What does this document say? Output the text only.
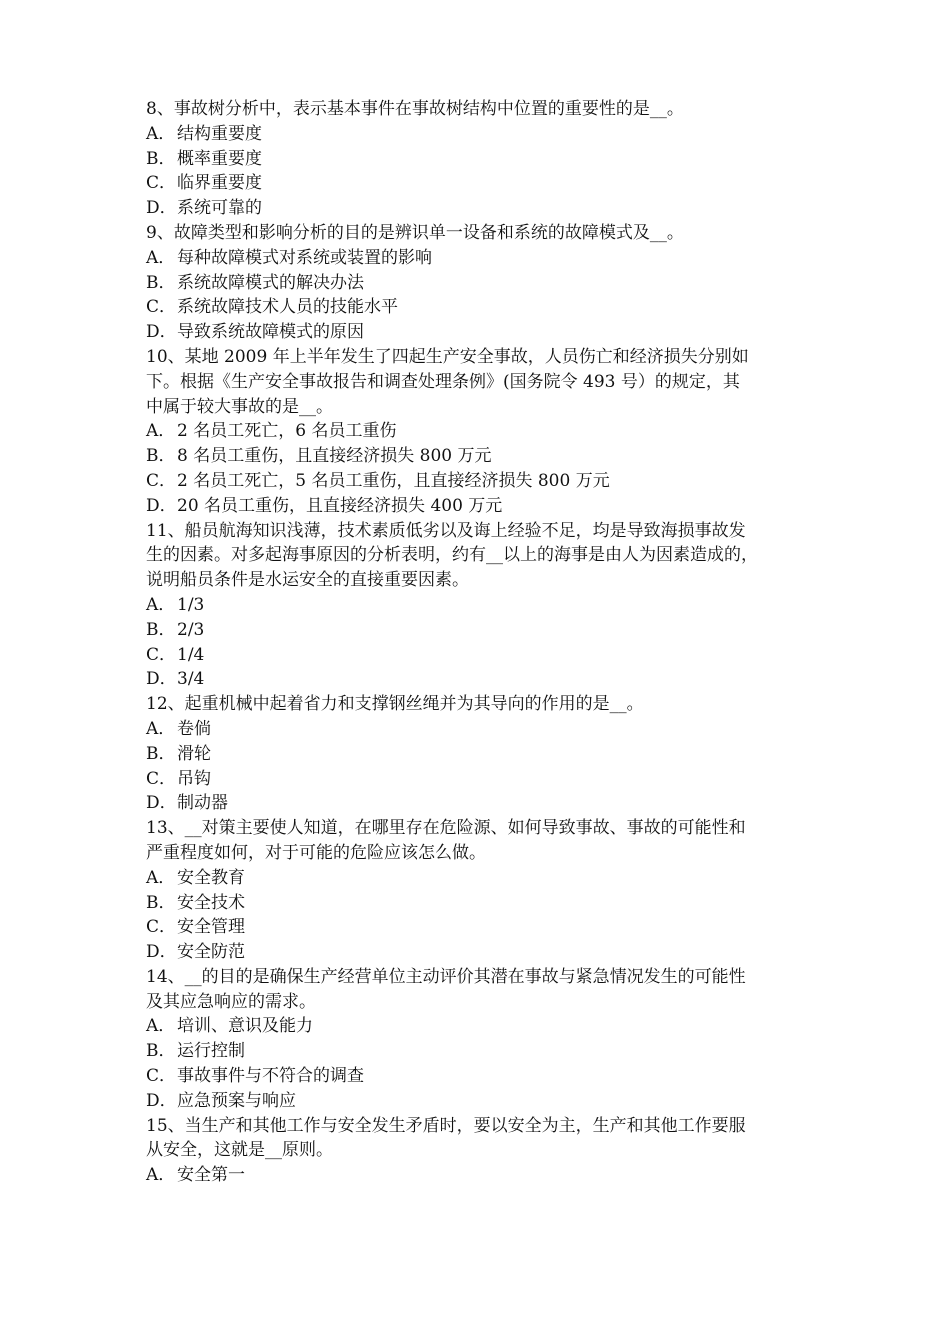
8、事故树分析中，表示基本事件在事故树结构中位置的重要性的是__。
A． 结构重要度
B．概率重要度
C．临界重要度
D．系统可靠的
9、故障类型和影响分析的目的是辨识单一设备和系统的故障模式及__。
A． 每种故障模式对系统或装置的影响
B．系统故障模式的解决办法
C．系统故障技术人员的技能水平
D．导致系统故障模式的原因
10、某地 2009 年上半年发生了四起生产安全事故，人员伤亡和经济损失分别如
下。根据《生产安全事故报告和调查处理条例》(国务院令 493 号）的规定，其
中属于较大事故的是__。
A． 2 名员工死亡，6 名员工重伤
B．8 名员工重伤，且直接经济损失 800 万元
C．2 名员工死亡，5 名员工重伤，且直接经济损失 800 万元
D．20 名员工重伤，且直接经济损失 400 万元
11、船员航海知识浅薄，技术素质低劣以及诲上经验不足，均是导致海损事故发
生的因素。对多起海事原因的分析表明，约有__以上的海事是由人为因素造成的，
说明船员条件是水运安全的直接重要因素。
A． 1/3
B．2/3
C．1/4
D．3/4
12、起重机械中起着省力和支撑钢丝绳并为其导向的作用的是__。
A． 卷倘
B．滑轮
C．吊钩
D．制动器
13、__对策主要使人知道，在哪里存在危险源、如何导致事故、事故的可能性和
严重程度如何，对于可能的危险应该怎么做。
A． 安全教育
B．安全技术
C．安全管理
D．安全防范
14、__的目的是确保生产经营单位主动评价其潜在事故与紧急情况发生的可能性
及其应急响应的需求。
A． 培训、意识及能力
B．运行控制
C．事故事件与不符合的调查
D．应急预案与响应
15、当生产和其他工作与安全发生矛盾时，要以安全为主，生产和其他工作要服
从安全，这就是__原则。
A． 安全第一
